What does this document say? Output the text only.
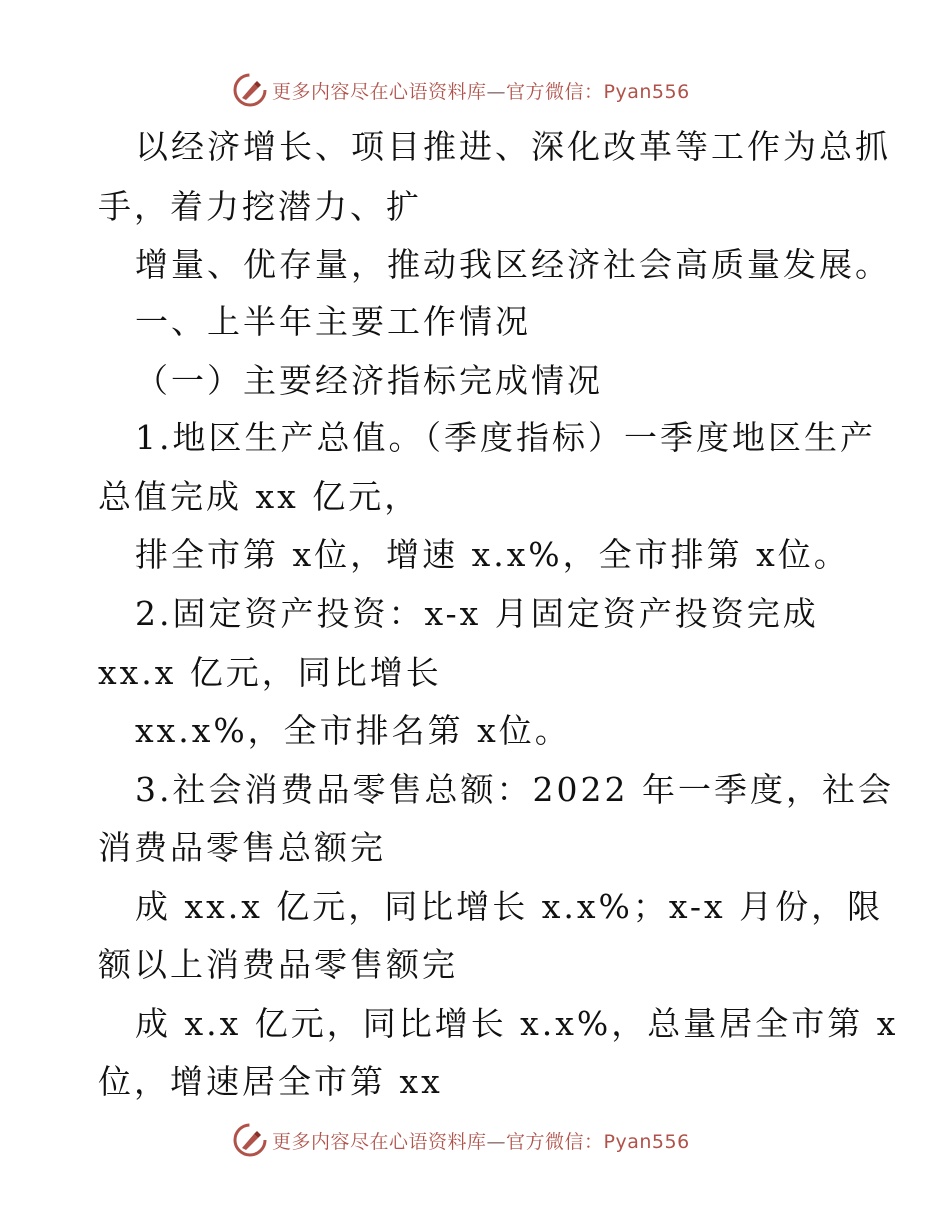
更多内容尽在心语资料库—官方微信：Pyan556
以经济增长、项目推进、深化改革等工作为总抓
手，着力挖潜力、扩
增量、优存量，推动我区经济社会高质量发展。
一、上半年主要工作情况
（一）主要经济指标完成情况
1.地区生产总值。（季度指标）一季度地区生产
总值完成 xx 亿元，
排全市第 x位，增速 x.x%，全市排第 x位。
2.固定资产投资：x-x 月固定资产投资完成
xx.x 亿元，同比增长
xx.x%，全市排名第 x位。
3.社会消费品零售总额：2022 年一季度，社会
消费品零售总额完
成 xx.x 亿元，同比增长 x.x%；x-x 月份，限
额以上消费品零售额完
成 x.x 亿元，同比增长 x.x%，总量居全市第 x
位，增速居全市第 xx
更多内容尽在心语资料库—官方微信：Pyan556
